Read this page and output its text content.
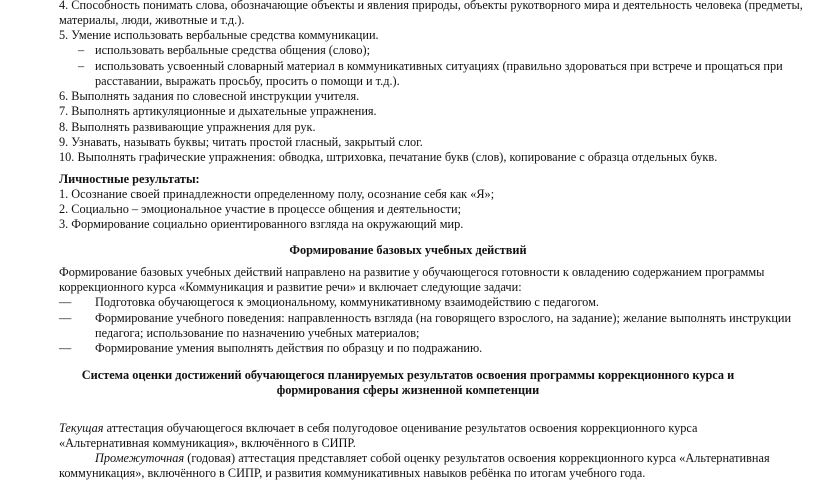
4. Способность понимать слова, обозначающие объекты и явления природы, объекты рукотворного мира и деятельность человека (предметы,
материалы, люди, животные и т.д.).
5. Умение использовать вербальные средства коммуникации.
– использовать вербальные средства общения (слово);
– использовать усвоенный словарный материал в коммуникативных ситуациях (правильно здороваться при встрече и прощаться при
расставании, выражать просьбу, просить о помощи и т.д.).
6. Выполнять задания по словесной инструкции учителя.
7. Выполнять артикуляционные и дыхательные упражнения.
8. Выполнять развивающие упражнения для рук.
9. Узнавать, называть буквы; читать простой гласный, закрытый слог.
10. Выполнять графические упражнения: обводка, штриховка, печатание букв (слов), копирование с образца отдельных букв.
Личностные результаты:
1. Осознание своей принадлежности определенному полу, осознание себя как «Я»;
2. Социально – эмоциональное участие в процессе общения и деятельности;
3. Формирование социально ориентированного взгляда на окружающий мир.
Формирование базовых учебных действий
Формирование базовых учебных действий направлено на развитие у обучающегося готовности к овладению содержанием программы
коррекционного курса «Коммуникация и развитие речи» и включает следующие задачи:
— Подготовка обучающегося к эмоциональному, коммуникативному взаимодействию с педагогом.
— Формирование учебного поведения: направленность взгляда (на говорящего взрослого, на задание); желание выполнять инструкции
педагога; использование по назначению учебных материалов;
— Формирование умения выполнять действия по образцу и по подражанию.
Система оценки достижений обучающегося планируемых результатов освоения программы коррекционного курса и
формирования сферы жизненной компетенции
Текущая аттестация обучающегося включает в себя полугодовое оценивание результатов освоения коррекционного курса
«Альтернативная коммуникация», включённого в СИПР.
Промежуточная (годовая) аттестация представляет собой оценку результатов освоения коррекционного курса «Альтернативная
коммуникация», включённого в СИПР, и развития коммуникативных навыков ребёнка по итогам учебного года.
